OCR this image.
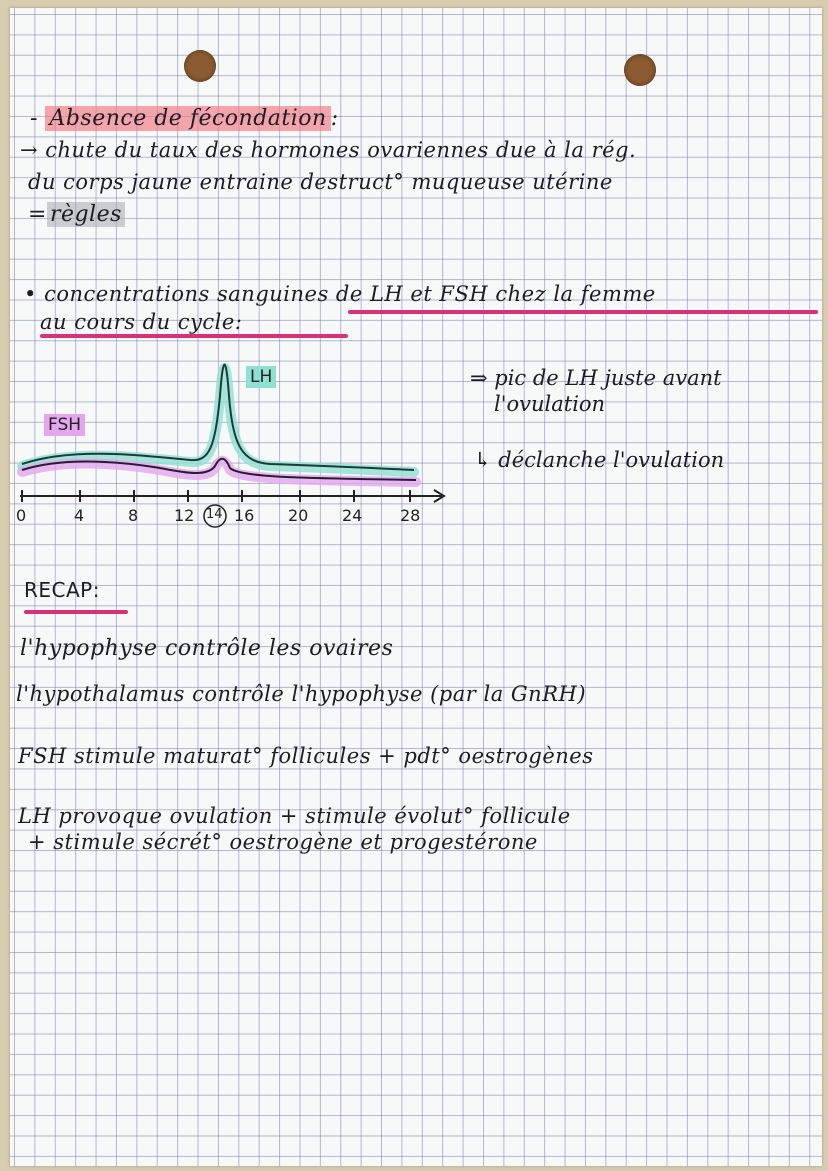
- Absence de fécondation :
→ chute du taux des hormones ovariennes due à la rég.
du corps jaune entraine destruct° muqueuse utérine
= règles
• concentrations sanguines de LH et FSH chez la femme
au cours du cycle:
LH
FSH
0	4	8 12 14 16 20 24 28
⇒ pic de LH juste avant
l'ovulation
↳ déclanche l'ovulation
RECAP:
l'hypophyse contrôle les ovaires
l'hypothalamus contrôle l'hypophyse (par la GnRH)
FSH stimule maturat° follicules + pdt° oestrogènes
LH provoque ovulation + stimule évolut° follicule
+ stimule sécrét° oestrogène et progestérone
